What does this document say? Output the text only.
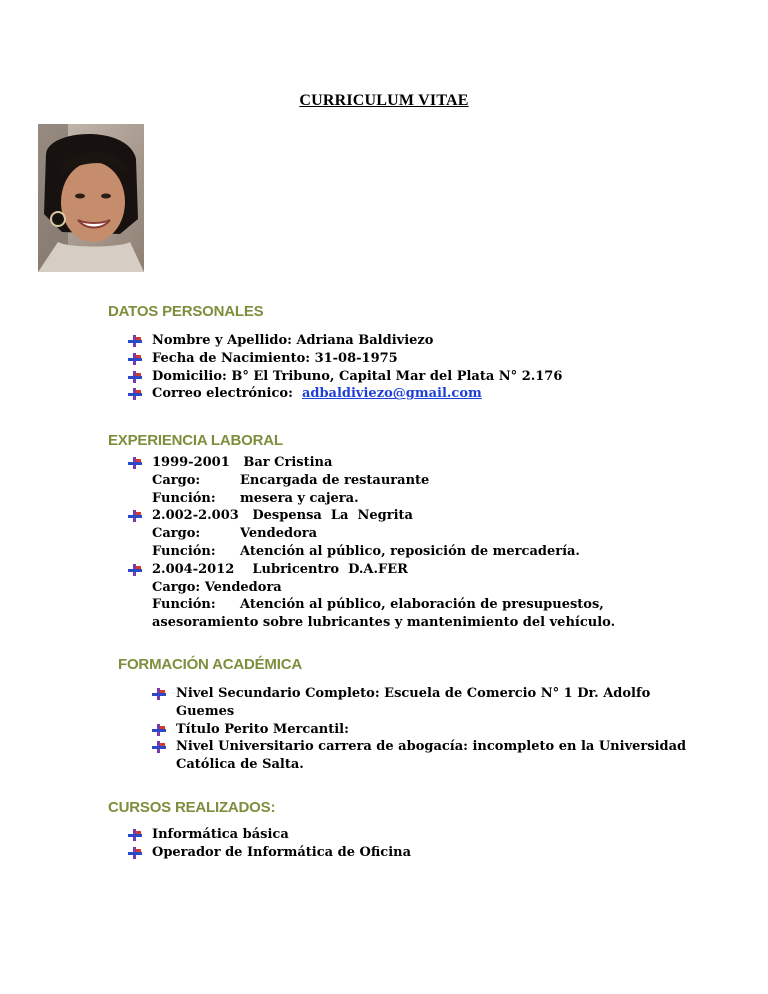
CURRICULUM VITAE
DATOS PERSONALES
Nombre y Apellido: Adriana Baldiviezo
Fecha de Nacimiento: 31-08-1975
Domicilio: B° El Tribuno, Capital Mar del Plata N° 2.176
Correo electrónico:  adbaldiviezo@gmail.com
EXPERIENCIA LABORAL
1999-2001   Bar Cristina
Cargo:	Encargada de restaurante
Función:	mesera y cajera.
2.002-2.003   Despensa  La  Negrita
Cargo:	Vendedora
Función:	Atención al público, reposición de mercadería.
2.004-2012    Lubricentro  D.A.FER
Cargo: Vendedora
Función:	Atención al público, elaboración de presupuestos,
asesoramiento sobre lubricantes y mantenimiento del vehículo.
FORMACIÓN ACADÉMICA
Nivel Secundario Completo: Escuela de Comercio N° 1 Dr. Adolfo
Guemes
Título Perito Mercantil:
Nivel Universitario carrera de abogacía: incompleto en la Universidad
Católica de Salta.
CURSOS REALIZADOS:
Informática básica
Operador de Informática de Oficina
